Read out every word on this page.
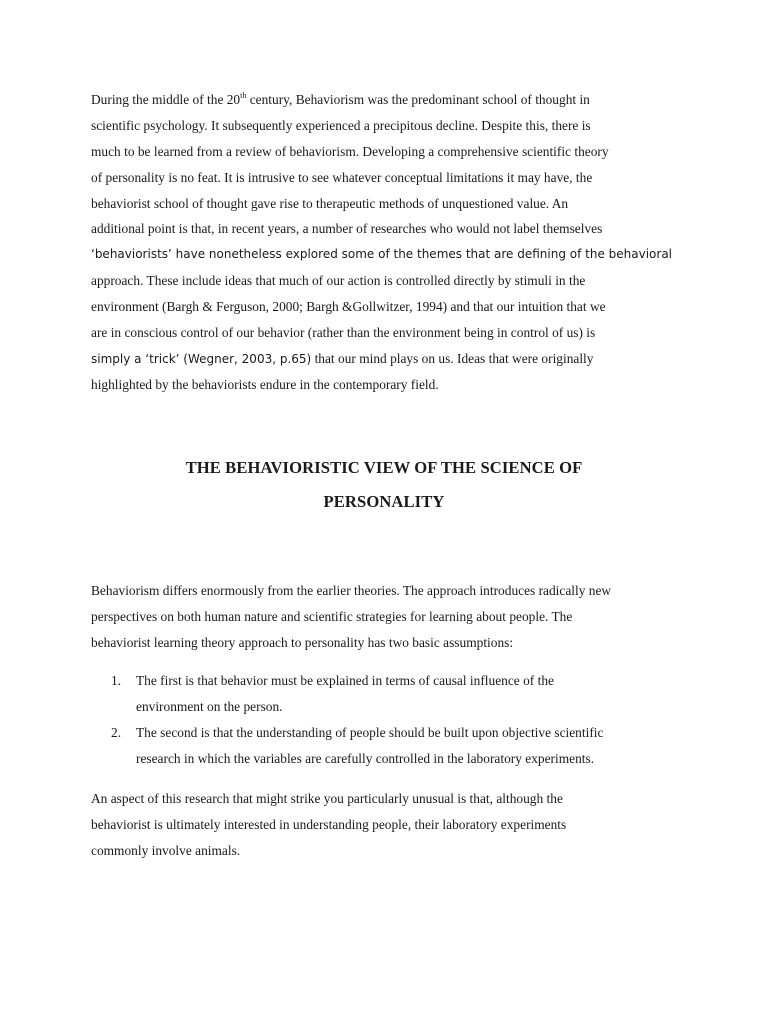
During the middle of the 20th century, Behaviorism was the predominant school of thought in
scientific psychology. It subsequently experienced a precipitous decline. Despite this, there is
much to be learned from a review of behaviorism. Developing a comprehensive scientific theory
of personality is no feat. It is intrusive to see whatever conceptual limitations it may have, the
behaviorist school of thought gave rise to therapeutic methods of unquestioned value. An
additional point is that, in recent years, a number of researches who would not label themselves
‘behaviorists’ have nonetheless explored some of the themes that are defining of the behavioral
approach. These include ideas that much of our action is controlled directly by stimuli in the
environment (Bargh & Ferguson, 2000; Bargh &Gollwitzer, 1994) and that our intuition that we
are in conscious control of our behavior (rather than the environment being in control of us) is
simply a ‘trick’ (Wegner, 2003, p.65) that our mind plays on us. Ideas that were originally
highlighted by the behaviorists endure in the contemporary field.
THE BEHAVIORISTIC VIEW OF THE SCIENCE OF
PERSONALITY
Behaviorism differs enormously from the earlier theories. The approach introduces radically new
perspectives on both human nature and scientific strategies for learning about people. The
behaviorist learning theory approach to personality has two basic assumptions:
1. The first is that behavior must be explained in terms of causal influence of the
environment on the person.
2. The second is that the understanding of people should be built upon objective scientific
research in which the variables are carefully controlled in the laboratory experiments.
An aspect of this research that might strike you particularly unusual is that, although the
behaviorist is ultimately interested in understanding people, their laboratory experiments
commonly involve animals.
